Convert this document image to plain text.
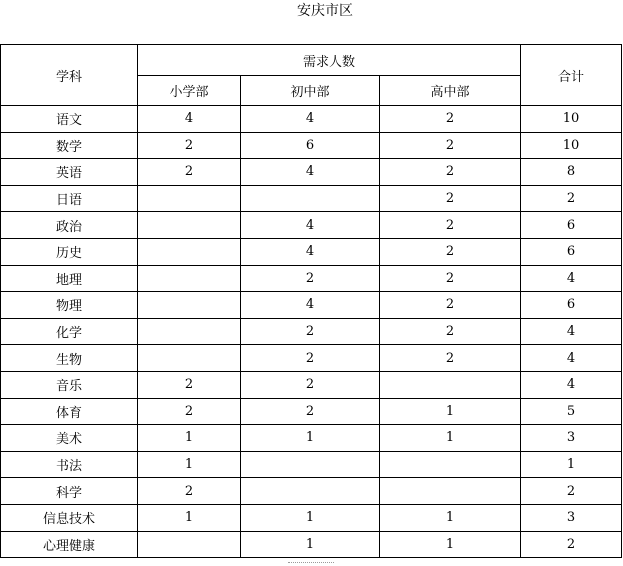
安庆市区
学科	需求人数			合计
	小学部	初中部	高中部	
语文	4	4	2	10
数学	2	6	2	10
英语	2	4	2	8
日语			2	2
政治		4	2	6
历史		4	2	6
地理		2	2	4
物理		4	2	6
化学		2	2	4
生物		2	2	4
音乐	2	2		4
体育	2	2	1	5
美术	1	1	1	3
书法	1			1
科学	2			2
信息技术	1	1	1	3
心理健康		1	1	2
